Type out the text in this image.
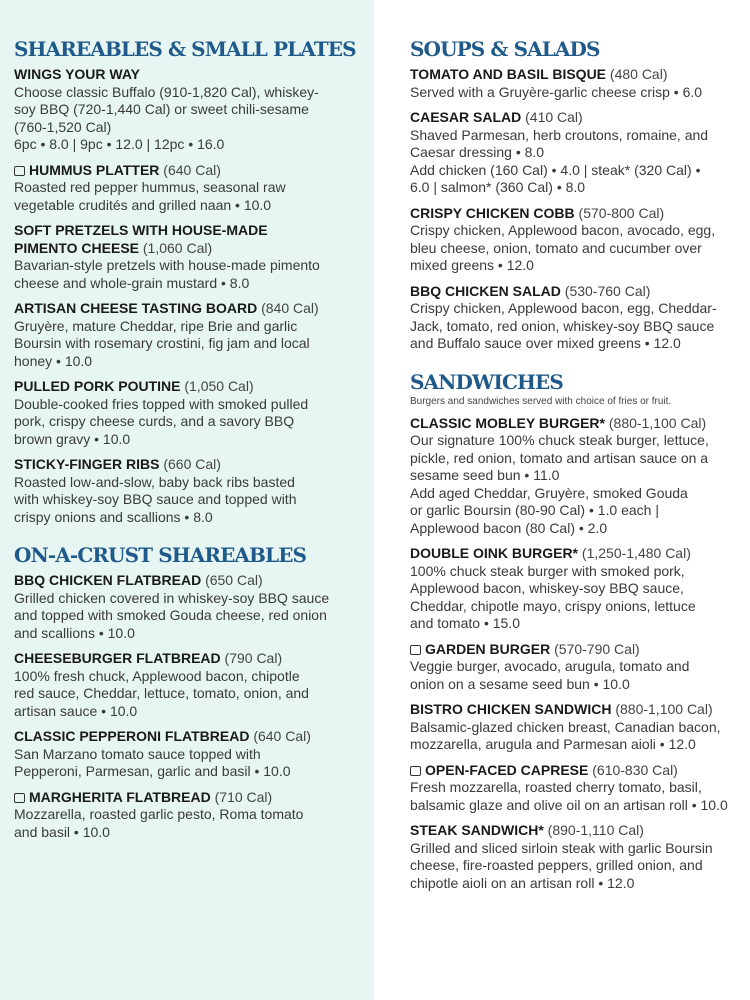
SHAREABLES & SMALL PLATES
WINGS YOUR WAY
Choose classic Buffalo (910-1,820 Cal), whiskey-
soy BBQ (720-1,440 Cal) or sweet chili-sesame
(760-1,520 Cal)
6pc • 8.0 | 9pc • 12.0 | 12pc • 16.0
HUMMUS PLATTER (640 Cal)
Roasted red pepper hummus, seasonal raw
vegetable crudités and grilled naan • 10.0
SOFT PRETZELS WITH HOUSE-MADE
PIMENTO CHEESE (1,060 Cal)
Bavarian-style pretzels with house-made pimento
cheese and whole-grain mustard • 8.0
ARTISAN CHEESE TASTING BOARD (840 Cal)
Gruyère, mature Cheddar, ripe Brie and garlic
Boursin with rosemary crostini, fig jam and local
honey • 10.0
PULLED PORK POUTINE (1,050 Cal)
Double-cooked fries topped with smoked pulled
pork, crispy cheese curds, and a savory BBQ
brown gravy • 10.0
STICKY-FINGER RIBS (660 Cal)
Roasted low-and-slow, baby back ribs basted
with whiskey-soy BBQ sauce and topped with
crispy onions and scallions • 8.0
ON-A-CRUST SHAREABLES
BBQ CHICKEN FLATBREAD (650 Cal)
Grilled chicken covered in whiskey-soy BBQ sauce
and topped with smoked Gouda cheese, red onion
and scallions • 10.0
CHEESEBURGER FLATBREAD (790 Cal)
100% fresh chuck, Applewood bacon, chipotle
red sauce, Cheddar, lettuce, tomato, onion, and
artisan sauce • 10.0
CLASSIC PEPPERONI FLATBREAD (640 Cal)
San Marzano tomato sauce topped with
Pepperoni, Parmesan, garlic and basil • 10.0
MARGHERITA FLATBREAD (710 Cal)
Mozzarella, roasted garlic pesto, Roma tomato
and basil • 10.0
SOUPS & SALADS
TOMATO AND BASIL BISQUE (480 Cal)
Served with a Gruyère-garlic cheese crisp • 6.0
CAESAR SALAD (410 Cal)
Shaved Parmesan, herb croutons, romaine, and
Caesar dressing • 8.0
Add chicken (160 Cal) • 4.0 | steak* (320 Cal) •
6.0 | salmon* (360 Cal) • 8.0
CRISPY CHICKEN COBB (570-800 Cal)
Crispy chicken, Applewood bacon, avocado, egg,
bleu cheese, onion, tomato and cucumber over
mixed greens • 12.0
BBQ CHICKEN SALAD (530-760 Cal)
Crispy chicken, Applewood bacon, egg, Cheddar-
Jack, tomato, red onion, whiskey-soy BBQ sauce
and Buffalo sauce over mixed greens • 12.0
SANDWICHES
Burgers and sandwiches served with choice of fries or fruit.
CLASSIC MOBLEY BURGER* (880-1,100 Cal)
Our signature 100% chuck steak burger, lettuce,
pickle, red onion, tomato and artisan sauce on a
sesame seed bun • 11.0
Add aged Cheddar, Gruyère, smoked Gouda
or garlic Boursin (80-90 Cal) • 1.0 each |
Applewood bacon (80 Cal) • 2.0
DOUBLE OINK BURGER* (1,250-1,480 Cal)
100% chuck steak burger with smoked pork,
Applewood bacon, whiskey-soy BBQ sauce,
Cheddar, chipotle mayo, crispy onions, lettuce
and tomato • 15.0
GARDEN BURGER (570-790 Cal)
Veggie burger, avocado, arugula, tomato and
onion on a sesame seed bun • 10.0
BISTRO CHICKEN SANDWICH (880-1,100 Cal)
Balsamic-glazed chicken breast, Canadian bacon,
mozzarella, arugula and Parmesan aioli • 12.0
OPEN-FACED CAPRESE (610-830 Cal)
Fresh mozzarella, roasted cherry tomato, basil,
balsamic glaze and olive oil on an artisan roll • 10.0
STEAK SANDWICH* (890-1,110 Cal)
Grilled and sliced sirloin steak with garlic Boursin
cheese, fire-roasted peppers, grilled onion, and
chipotle aioli on an artisan roll • 12.0
